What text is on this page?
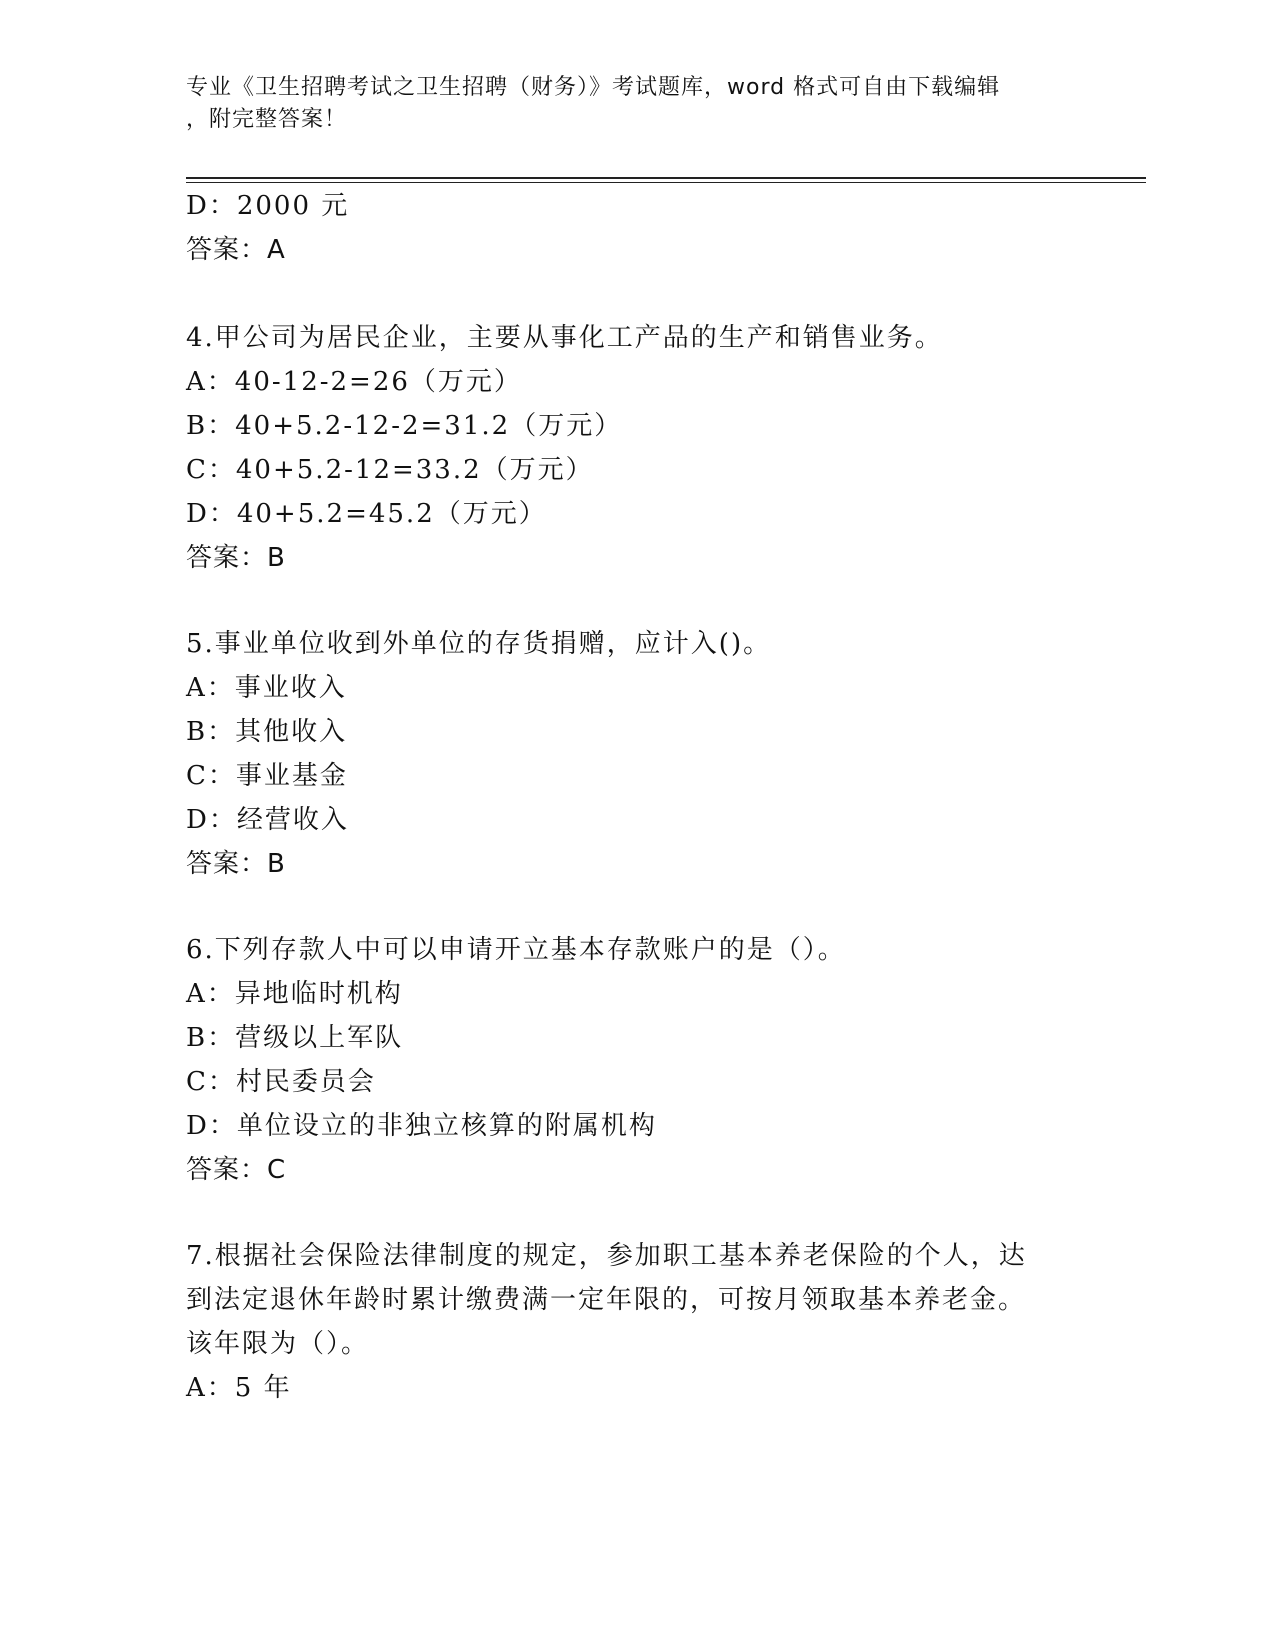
专业《卫生招聘考试之卫生招聘（财务）》考试题库，word 格式可自由下载编辑
，附完整答案！
D：2000 元
答案：A
4.甲公司为居民企业，主要从事化工产品的生产和销售业务。
A：40-12-2=26（万元）
B：40+5.2-12-2=31.2（万元）
C：40+5.2-12=33.2（万元）
D：40+5.2=45.2（万元）
答案：B
5.事业单位收到外单位的存货捐赠，应计入()。
A：事业收入
B：其他收入
C：事业基金
D：经营收入
答案：B
6.下列存款人中可以申请开立基本存款账户的是（）。
A：异地临时机构
B：营级以上军队
C：村民委员会
D：单位设立的非独立核算的附属机构
答案：C
7.根据社会保险法律制度的规定，参加职工基本养老保险的个人，达
到法定退休年龄时累计缴费满一定年限的，可按月领取基本养老金。
该年限为（）。
A：5 年
